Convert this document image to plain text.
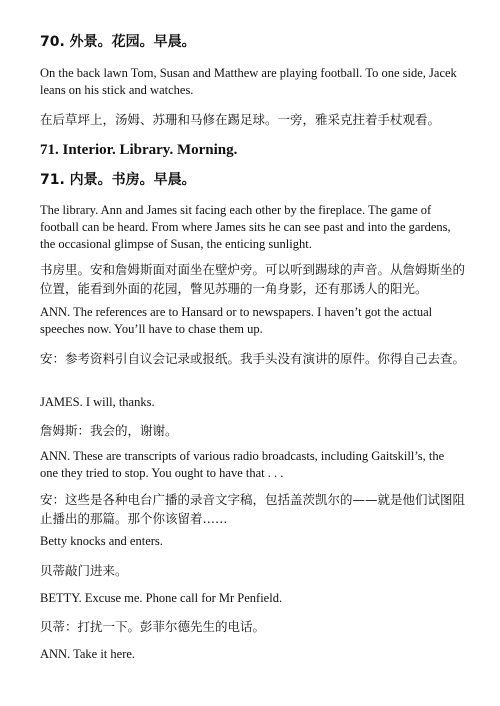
70. 外景。花园。早晨。

On the back lawn Tom, Susan and Matthew are playing football. To one side, Jacek leans on his stick and watches.

在后草坪上，汤姆、苏珊和马修在踢足球。一旁，雅采克拄着手杖观看。

71. Interior. Library. Morning.

71. 内景。书房。早晨。

The library. Ann and James sit facing each other by the fireplace. The game of football can be heard. From where James sits he can see past and into the gardens, the occasional glimpse of Susan, the enticing sunlight.

书房里。安和詹姆斯面对面坐在壁炉旁。可以听到踢球的声音。从詹姆斯坐的位置，能看到外面的花园，瞥见苏珊的一角身影，还有那诱人的阳光。

ANN. The references are to Hansard or to newspapers. I haven’t got the actual speeches now. You’ll have to chase them up.

安：参考资料引自议会记录或报纸。我手头没有演讲的原件。你得自己去查。

JAMES. I will, thanks.

詹姆斯：我会的，谢谢。

ANN. These are transcripts of various radio broadcasts, including Gaitskill’s, the one they tried to stop. You ought to have that . . .

安：这些是各种电台广播的录音文字稿，包括盖茨凯尔的——就是他们试图阻止播出的那篇。那个你该留着……

Betty knocks and enters.

贝蒂敲门进来。

BETTY. Excuse me. Phone call for Mr Penfield.

贝蒂：打扰一下。彭菲尔德先生的电话。

ANN. Take it here.
